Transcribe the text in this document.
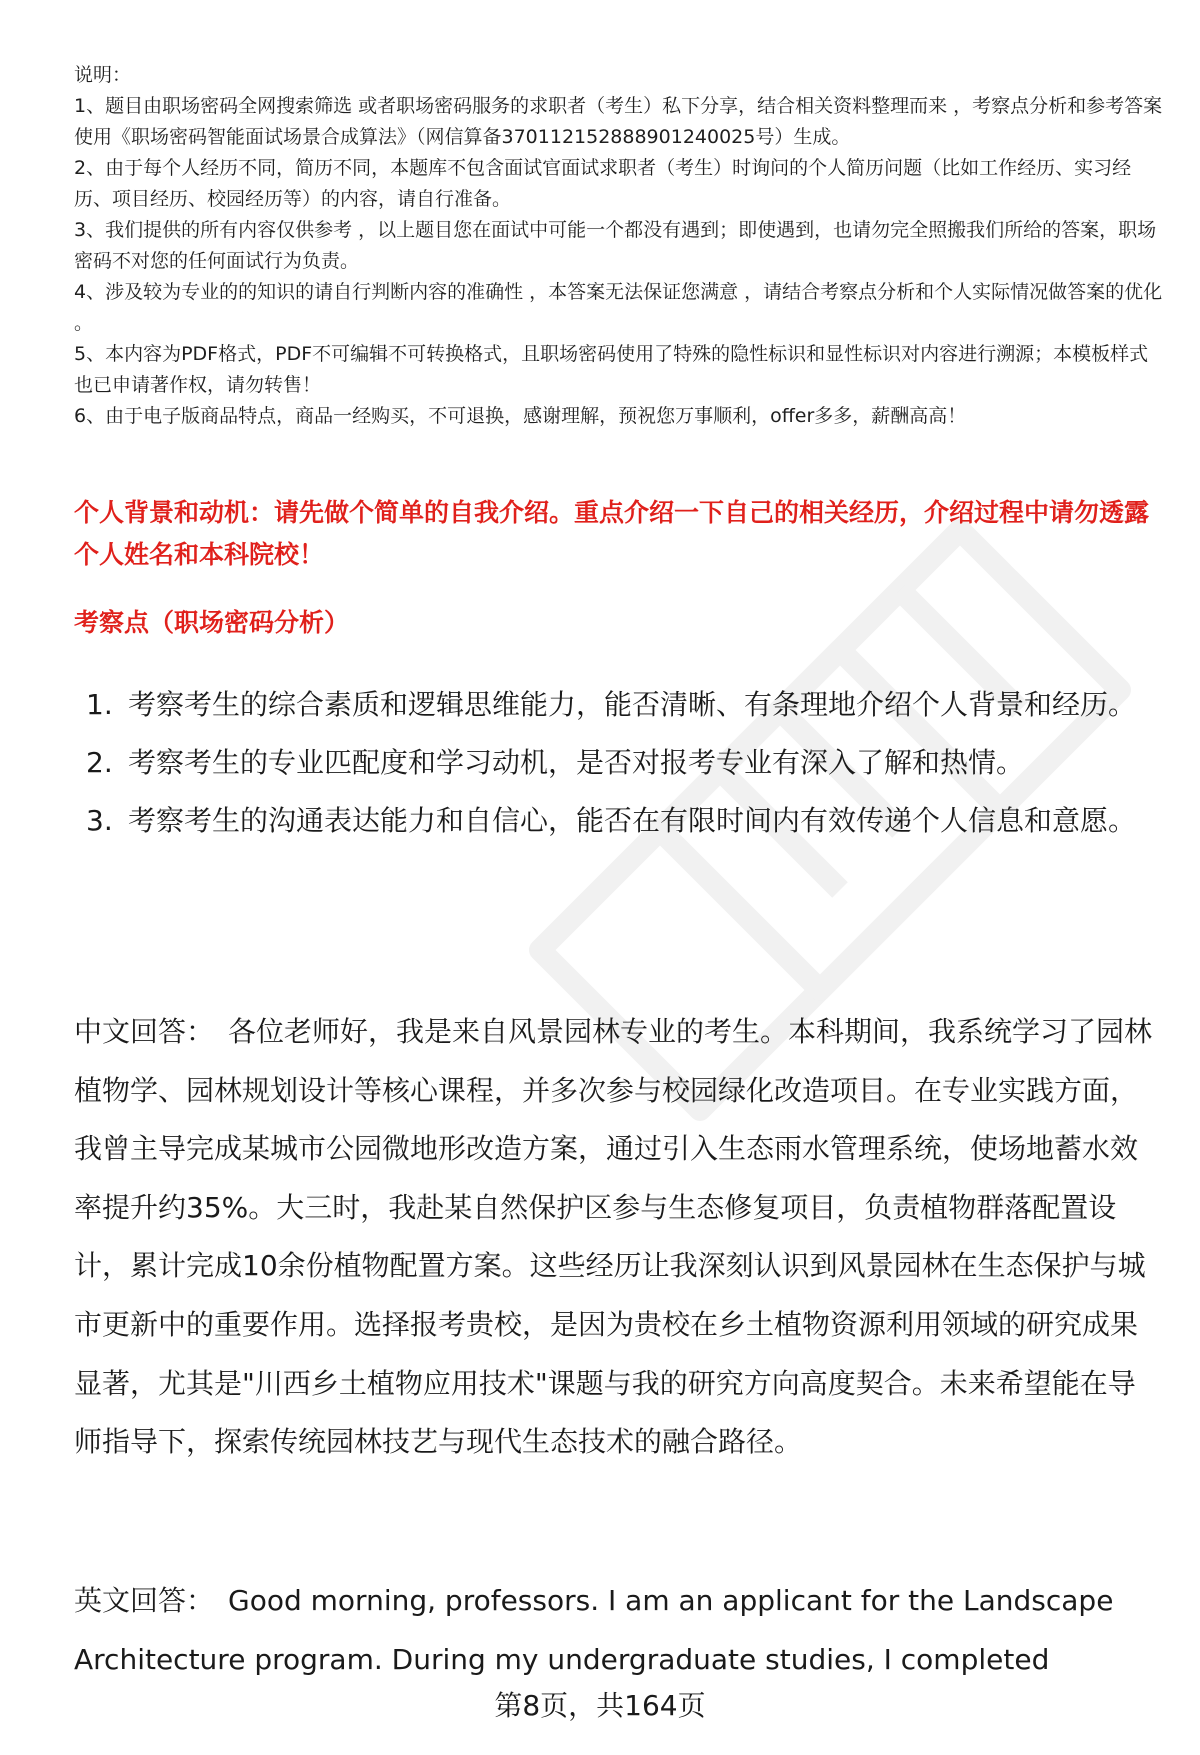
说明：

1、题目由职场密码全网搜索筛选 或者职场密码服务的求职者（考生）私下分享，结合相关资料整理而来 ，考察点分析和参考答案使用《职场密码智能面试场景合成算法》（网信算备370112152888901240025号）生成。

2、由于每个人经历不同，简历不同，本题库不包含面试官面试求职者（考生）时询问的个人简历问题（比如工作经历、实习经历、项目经历、校园经历等）的内容，请自行准备。

3、我们提供的所有内容仅供参考 ，以上题目您在面试中可能一个都没有遇到；即使遇到，也请勿完全照搬我们所给的答案，职场密码不对您的任何面试行为负责。

4、涉及较为专业的的知识的请自行判断内容的准确性 ，本答案无法保证您满意 ，请结合考察点分析和个人实际情况做答案的优化 。

5、本内容为PDF格式，PDF不可编辑不可转换格式，且职场密码使用了特殊的隐性标识和显性标识对内容进行溯源；本模板样式也已申请著作权，请勿转售！

6、由于电子版商品特点，商品一经购买，不可退换，感谢理解，预祝您万事顺利，offer多多，薪酬高高！

个人背景和动机：请先做个简单的自我介绍。重点介绍一下自己的相关经历，介绍过程中请勿透露个人姓名和本科院校！

考察点（职场密码分析）

1. 考察考生的综合素质和逻辑思维能力，能否清晰、有条理地介绍个人背景和经历。
2. 考察考生的专业匹配度和学习动机，是否对报考专业有深入了解和热情。
3. 考察考生的沟通表达能力和自信心，能否在有限时间内有效传递个人信息和意愿。

中文回答： 各位老师好，我是来自风景园林专业的考生。本科期间，我系统学习了园林植物学、园林规划设计等核心课程，并多次参与校园绿化改造项目。在专业实践方面，我曾主导完成某城市公园微地形改造方案，通过引入生态雨水管理系统，使场地蓄水效率提升约35%。大三时，我赴某自然保护区参与生态修复项目，负责植物群落配置设计，累计完成10余份植物配置方案。这些经历让我深刻认识到风景园林在生态保护与城市更新中的重要作用。选择报考贵校，是因为贵校在乡土植物资源利用领域的研究成果显著，尤其是"川西乡土植物应用技术"课题与我的研究方向高度契合。未来希望能在导师指导下，探索传统园林技艺与现代生态技术的融合路径。

英文回答： Good morning, professors. I am an applicant for the Landscape Architecture program. During my undergraduate studies, I completed

第8页，共164页
